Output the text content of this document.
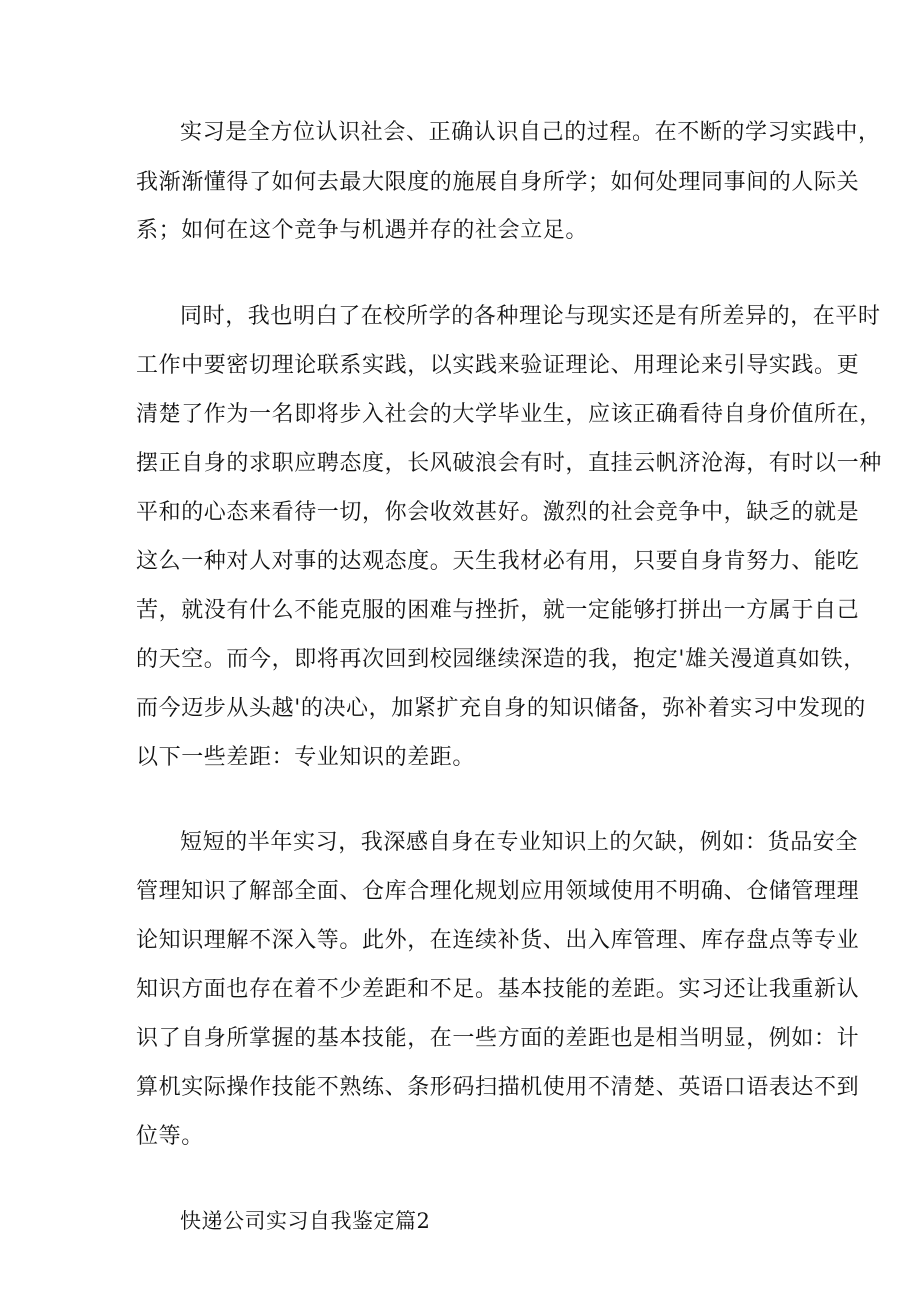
实习是全方位认识社会、正确认识自己的过程。在不断的学习实践中，
我渐渐懂得了如何去最大限度的施展自身所学；如何处理同事间的人际关
系；如何在这个竞争与机遇并存的社会立足。
同时，我也明白了在校所学的各种理论与现实还是有所差异的，在平时
工作中要密切理论联系实践，以实践来验证理论、用理论来引导实践。更
清楚了作为一名即将步入社会的大学毕业生，应该正确看待自身价值所在，
摆正自身的求职应聘态度，长风破浪会有时，直挂云帆济沧海，有时以一种
平和的心态来看待一切，你会收效甚好。激烈的社会竞争中，缺乏的就是
这么一种对人对事的达观态度。天生我材必有用，只要自身肯努力、能吃
苦，就没有什么不能克服的困难与挫折，就一定能够打拼出一方属于自己
的天空。而今，即将再次回到校园继续深造的我，抱定'雄关漫道真如铁，
而今迈步从头越'的决心，加紧扩充自身的知识储备，弥补着实习中发现的
以下一些差距：专业知识的差距。
短短的半年实习，我深感自身在专业知识上的欠缺，例如：货品安全
管理知识了解部全面、仓库合理化规划应用领域使用不明确、仓储管理理
论知识理解不深入等。此外，在连续补货、出入库管理、库存盘点等专业
知识方面也存在着不少差距和不足。基本技能的差距。实习还让我重新认
识了自身所掌握的基本技能，在一些方面的差距也是相当明显，例如：计
算机实际操作技能不熟练、条形码扫描机使用不清楚、英语口语表达不到
位等。
快递公司实习自我鉴定篇2
